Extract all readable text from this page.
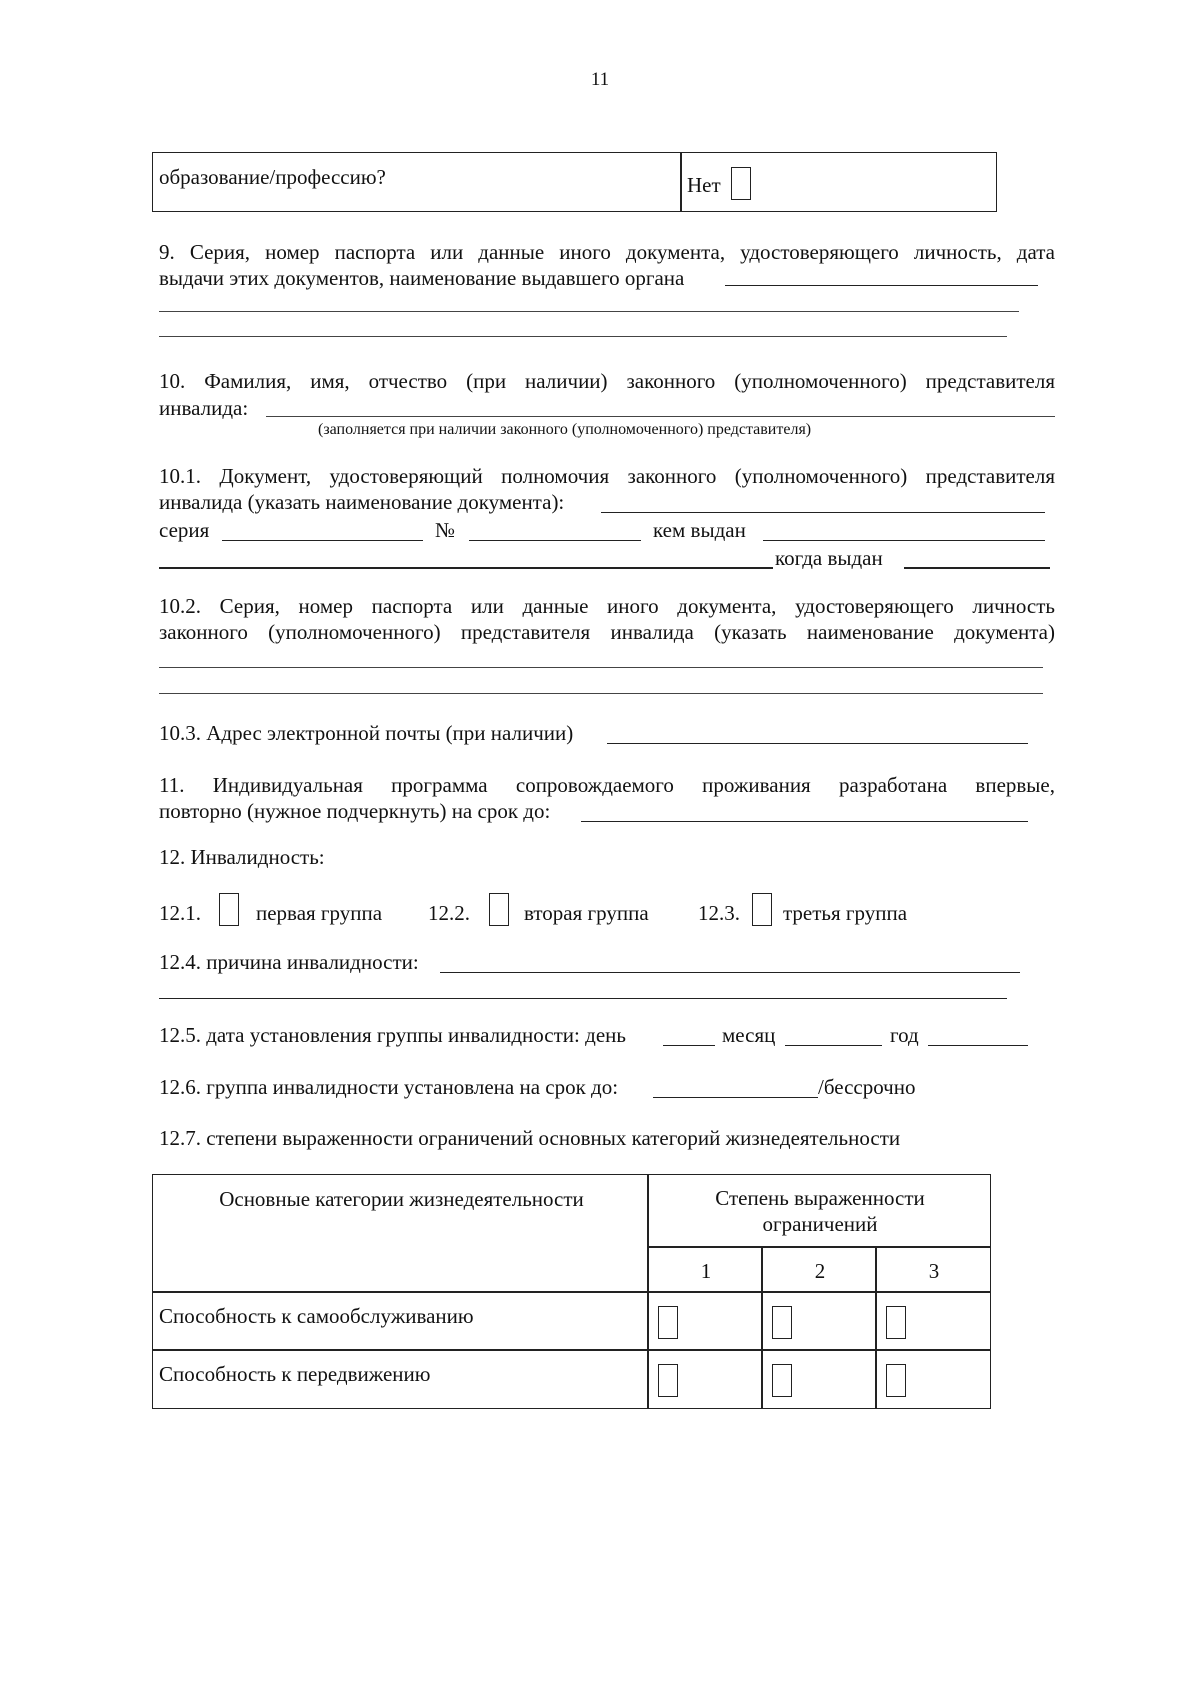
11
образование/профессию?	Нет
9. Серия, номер паспорта или данные иного документа, удостоверяющего личность, дата
выдачи этих документов, наименование выдавшего органа
10. Фамилия, имя, отчество (при наличии) законного (уполномоченного) представителя
инвалида:
(заполняется при наличии законного (уполномоченного) представителя)
10.1. Документ, удостоверяющий полномочия законного (уполномоченного) представителя
инвалида (указать наименование документа):
серия	№	кем выдан
когда выдан
10.2. Серия, номер паспорта или данные иного документа, удостоверяющего личность
законного (уполномоченного) представителя инвалида (указать наименование документа)
10.3. Адрес электронной почты (при наличии)
11. Индивидуальная программа сопровождаемого проживания разработана впервые,
повторно (нужное подчеркнуть) на срок до:
12. Инвалидность:
12.1.	первая группа 12.2.	вторая группа 12.3. третья группа
12.4. причина инвалидности:
12.5. дата установления группы инвалидности: день	месяц	год
12.6. группа инвалидности установлена на срок до:	/бессрочно
12.7. степени выраженности ограничений основных категорий жизнедеятельности
Основные категории жизнедеятельности	Степень выраженности ограничений
1	2	3
Способность к самообслуживанию
Способность к передвижению
